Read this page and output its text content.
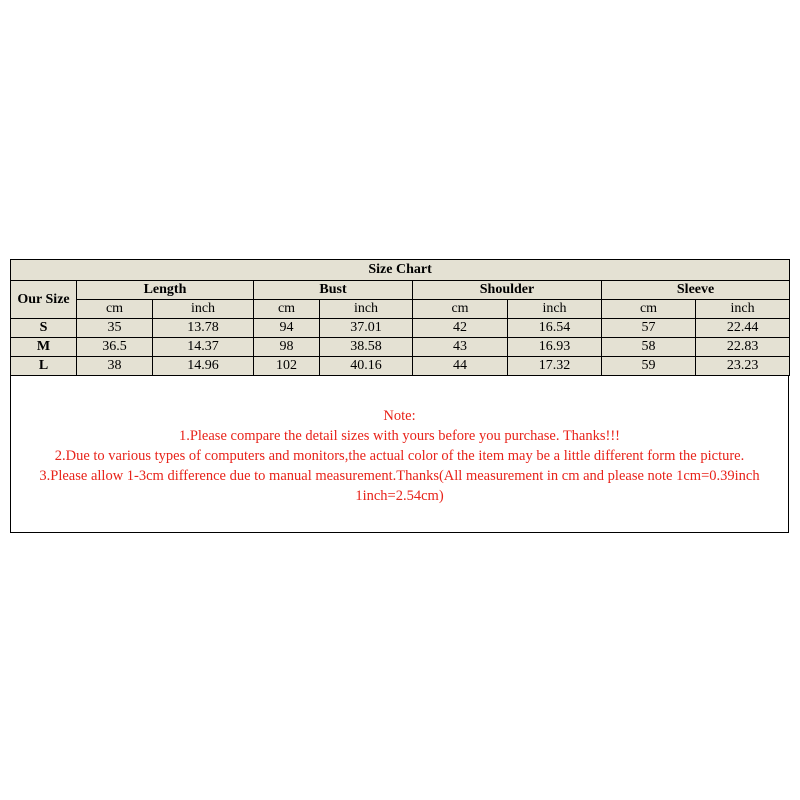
Size Chart								
Our Size	Length		Bust		Shoulder		Sleeve	
	cm	inch	cm	inch	cm	inch	cm	inch
S	35	13.78	94	37.01	42	16.54	57	22.44
M	36.5	14.37	98	38.58	43	16.93	58	22.83
L	38	14.96	102	40.16	44	17.32	59	23.23

Note:

1.Please compare the detail sizes with yours before you purchase. Thanks!!!

2.Due to various types of computers and monitors,the actual color of the item may be a little different form the picture.

3.Please allow 1-3cm difference due to manual measurement.Thanks(All measurement in cm and please note 1cm=0.39inch

1inch=2.54cm)
